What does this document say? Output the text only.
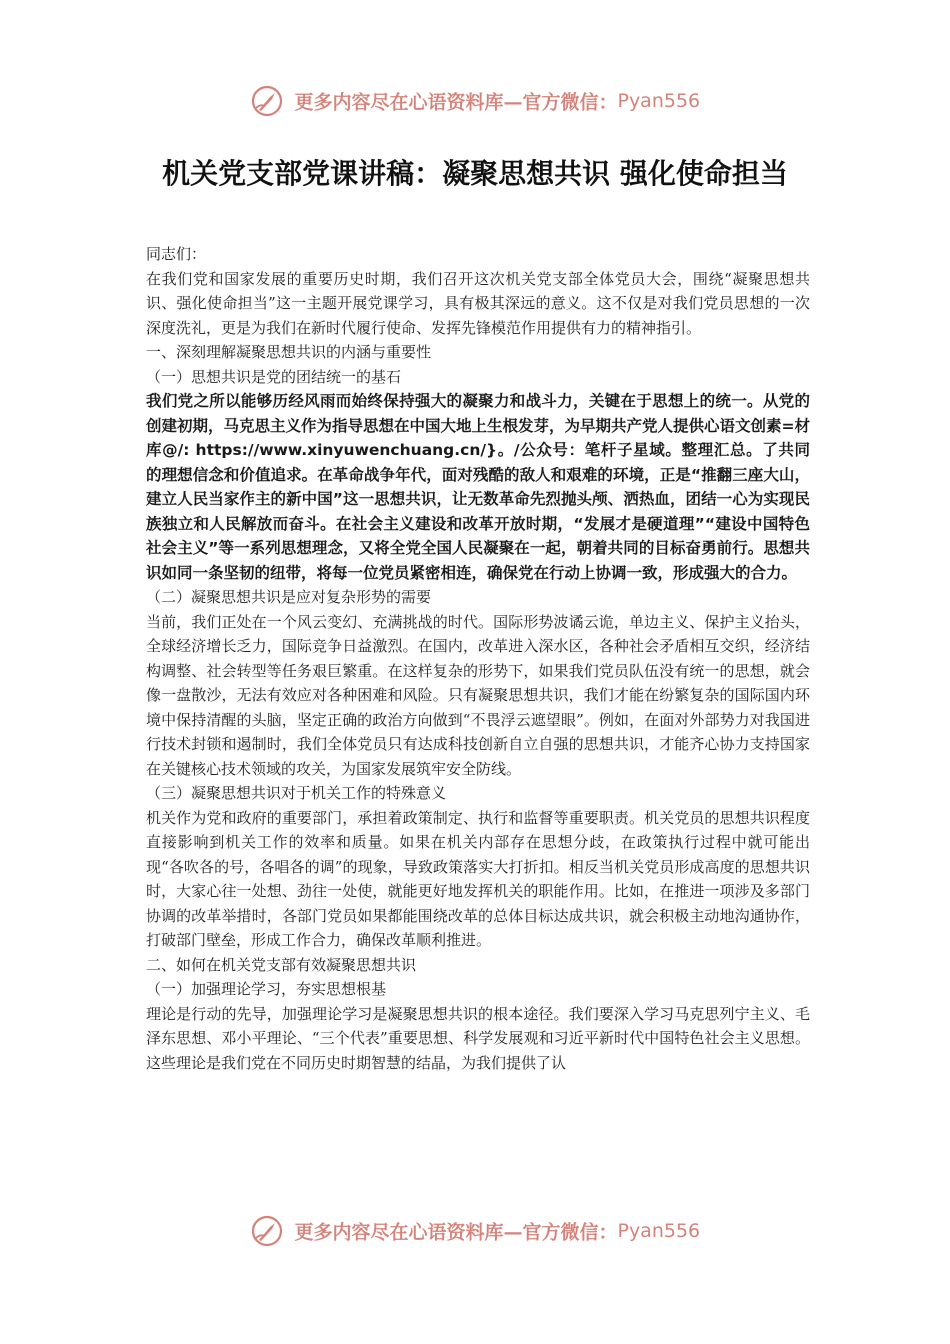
更多内容尽在心语资料库—官方微信：Pyan556
机关党支部党课讲稿：凝聚思想共识 强化使命担当

同志们：

在我们党和国家发展的重要历史时期，我们召开这次机关党支部全体党员大会，围绕“凝聚思想共识、强化使命担当”这一主题开展党课学习，具有极其深远的意义。这不仅是对我们党员思想的一次深度洗礼，更是为我们在新时代履行使命、发挥先锋模范作用提供有力的精神指引。

一、深刻理解凝聚思想共识的内涵与重要性

（一）思想共识是党的团结统一的基石

我们党之所以能够历经风雨而始终保持强大的凝聚力和战斗力，关键在于思想上的统一。从党的创建初期，马克思主义作为指导思想在中国大地上生根发芽，为早期共产党人提供心语文创素=材库@/: https://www.xinyuwenchuang.cn/}。/公众号：笔杆子星域。整理汇总。了共同的理想信念和价值追求。在革命战争年代，面对残酷的敌人和艰难的环境，正是“推翻三座大山，建立人民当家作主的新中国”这一思想共识，让无数革命先烈抛头颅、洒热血，团结一心为实现民族独立和人民解放而奋斗。在社会主义建设和改革开放时期，“发展才是硬道理”“建设中国特色社会主义”等一系列思想理念，又将全党全国人民凝聚在一起，朝着共同的目标奋勇前行。思想共识如同一条坚韧的纽带，将每一位党员紧密相连，确保党在行动上协调一致，形成强大的合力。

（二）凝聚思想共识是应对复杂形势的需要

当前，我们正处在一个风云变幻、充满挑战的时代。国际形势波谲云诡，单边主义、保护主义抬头，全球经济增长乏力，国际竞争日益激烈。在国内，改革进入深水区，各种社会矛盾相互交织，经济结构调整、社会转型等任务艰巨繁重。在这样复杂的形势下，如果我们党员队伍没有统一的思想，就会像一盘散沙，无法有效应对各种困难和风险。只有凝聚思想共识，我们才能在纷繁复杂的国际国内环境中保持清醒的头脑，坚定正确的政治方向做到“不畏浮云遮望眼”。例如，在面对外部势力对我国进行技术封锁和遏制时，我们全体党员只有达成科技创新自立自强的思想共识，才能齐心协力支持国家在关键核心技术领域的攻关，为国家发展筑牢安全防线。

（三）凝聚思想共识对于机关工作的特殊意义

机关作为党和政府的重要部门，承担着政策制定、执行和监督等重要职责。机关党员的思想共识程度直接影响到机关工作的效率和质量。如果在机关内部存在思想分歧，在政策执行过程中就可能出现“各吹各的号，各唱各的调”的现象，导致政策落实大打折扣。相反当机关党员形成高度的思想共识时，大家心往一处想、劲往一处使，就能更好地发挥机关的职能作用。比如，在推进一项涉及多部门协调的改革举措时，各部门党员如果都能围绕改革的总体目标达成共识，就会积极主动地沟通协作，打破部门壁垒，形成工作合力，确保改革顺利推进。

二、如何在机关党支部有效凝聚思想共识

（一）加强理论学习，夯实思想根基

理论是行动的先导，加强理论学习是凝聚思想共识的根本途径。我们要深入学习马克思列宁主义、毛泽东思想、邓小平理论、“三个代表”重要思想、科学发展观和习近平新时代中国特色社会主义思想。这些理论是我们党在不同历史时期智慧的结晶，为我们提供了认

更多内容尽在心语资料库—官方微信：Pyan556
